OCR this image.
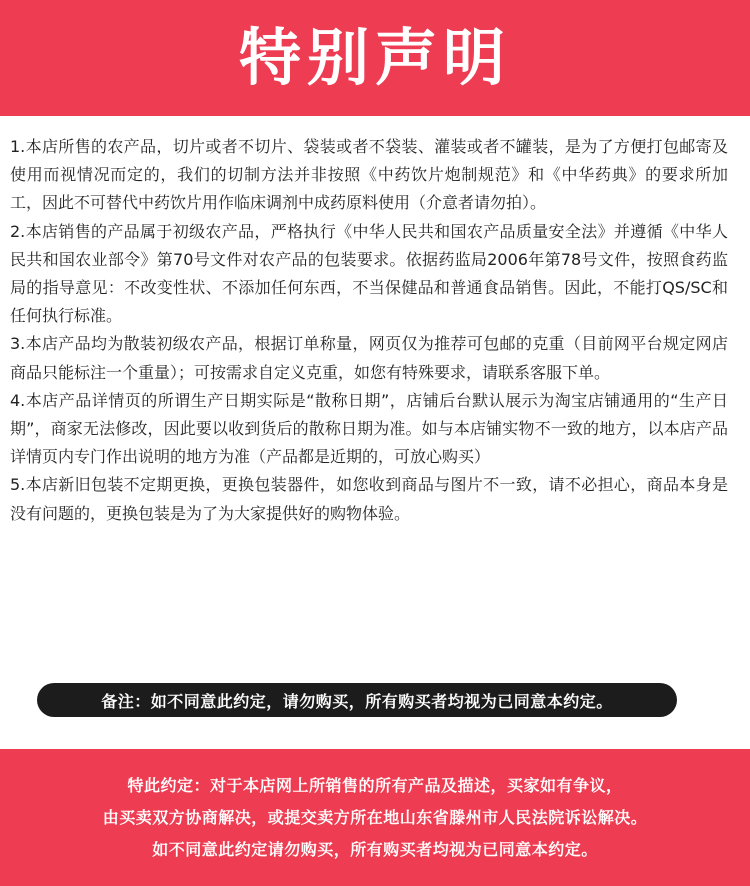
特别声明

1.本店所售的农产品，切片或者不切片、袋装或者不袋装、灌装或者不罐装，是为了方便打包邮寄及使用而视情况而定的，我们的切制方法并非按照《中药饮片炮制规范》和《中华药典》的要求所加工，因此不可替代中药饮片用作临床调剂中成药原料使用（介意者请勿拍）。

2.本店销售的产品属于初级农产品，严格执行《中华人民共和国农产品质量安全法》并遵循《中华人民共和国农业部令》第70号文件对农产品的包装要求。依据药监局2006年第78号文件，按照食药监局的指导意见：不改变性状、不添加任何东西，不当保健品和普通食品销售。因此，不能打QS/SC和任何执行标准。

3.本店产品均为散装初级农产品，根据订单称量，网页仅为推荐可包邮的克重（目前网平台规定网店商品只能标注一个重量）；可按需求自定义克重，如您有特殊要求，请联系客服下单。

4.本店产品详情页的所谓生产日期实际是“散称日期”，店铺后台默认展示为淘宝店铺通用的“生产日期”，商家无法修改，因此要以收到货后的散称日期为准。如与本店铺实物不一致的地方，以本店产品详情页内专门作出说明的地方为准（产品都是近期的，可放心购买）

5.本店新旧包装不定期更换，更换包装器件，如您收到商品与图片不一致，请不必担心，商品本身是没有问题的，更换包装是为了为大家提供好的购物体验。

备注：如不同意此约定，请勿购买，所有购买者均视为已同意本约定。
特此约定：对于本店网上所销售的所有产品及描述，买家如有争议，
由买卖双方协商解决，或提交卖方所在地山东省滕州市人民法院诉讼解决。
如不同意此约定请勿购买，所有购买者均视为已同意本约定。
